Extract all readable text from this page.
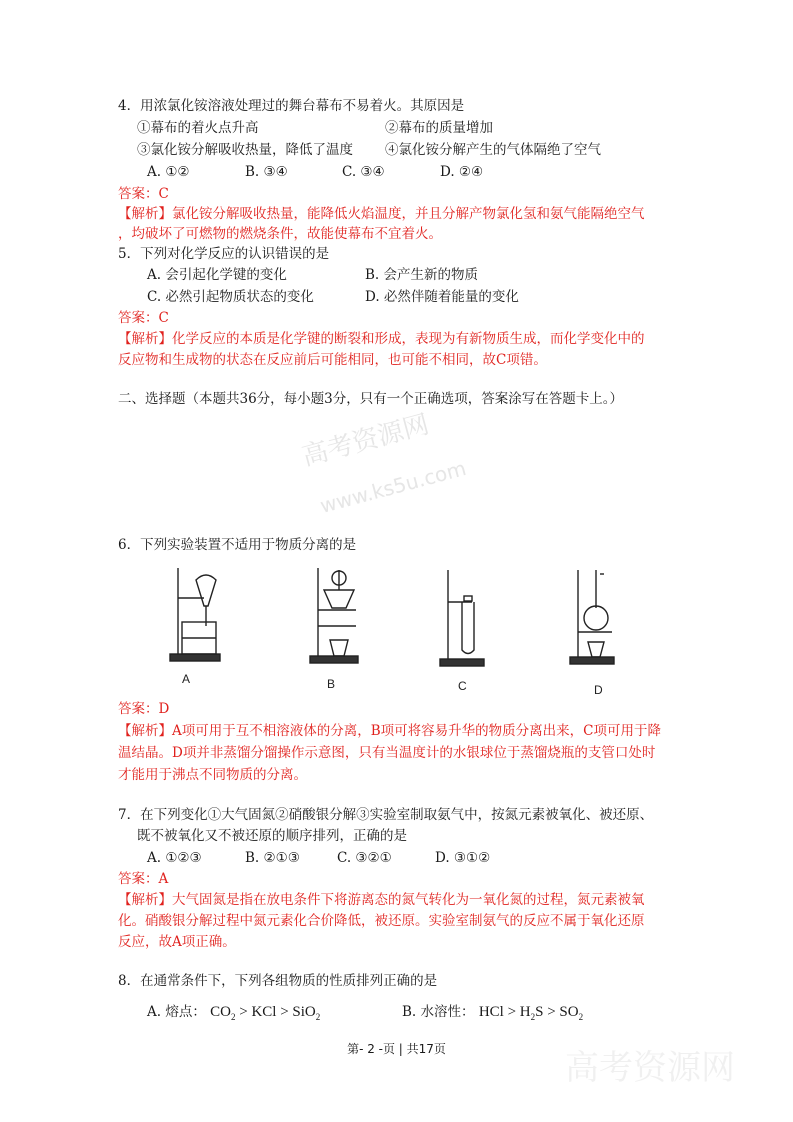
高考资源网
www.ks5u.com
高考资源网
4．用浓氯化铵溶液处理过的舞台幕布不易着火。其原因是
①幕布的着火点升高	②幕布的质量增加
③氯化铵分解吸收热量，降低了温度 ④氯化铵分解产生的气体隔绝了空气
A. ①②	B. ③④	C. ③④	D. ②④
答案：C
【解析】氯化铵分解吸收热量，能降低火焰温度，并且分解产物氯化氢和氨气能隔绝空气
，均破坏了可燃物的燃烧条件，故能使幕布不宜着火。
5．下列对化学反应的认识错误的是
A. 会引起化学键的变化	B. 会产生新的物质
C. 必然引起物质状态的变化	D. 必然伴随着能量的变化
答案：C
【解析】化学反应的本质是化学键的断裂和形成，表现为有新物质生成，而化学变化中的
反应物和生成物的状态在反应前后可能相同，也可能不相同，故C项错。
二、选择题（本题共36分，每小题3分，只有一个正确选项，答案涂写在答题卡上。）
6．下列实验装置不适用于物质分离的是
A	B	C	D
答案：D
【解析】A项可用于互不相溶液体的分离，B项可将容易升华的物质分离出来，C项可用于降
温结晶。D项并非蒸馏分馏操作示意图，只有当温度计的水银球位于蒸馏烧瓶的支管口处时
才能用于沸点不同物质的分离。
7．在下列变化①大气固氮②硝酸银分解③实验室制取氨气中，按氮元素被氧化、被还原、
既不被氧化又不被还原的顺序排列，正确的是
A. ①②③	B. ②①③	C. ③②①	D. ③①②
答案：A
【解析】大气固氮是指在放电条件下将游离态的氮气转化为一氧化氮的过程，氮元素被氧
化。硝酸银分解过程中氮元素化合价降低，被还原。实验室制氨气的反应不属于氧化还原
反应，故A项正确。
8．在通常条件下，下列各组物质的性质排列正确的是
A. 熔点： $CO_2$ > KCl > SiO$_2$	B. 水溶性： HCl > $H_2S > SO_2$
第- 2 -页 | 共17页
